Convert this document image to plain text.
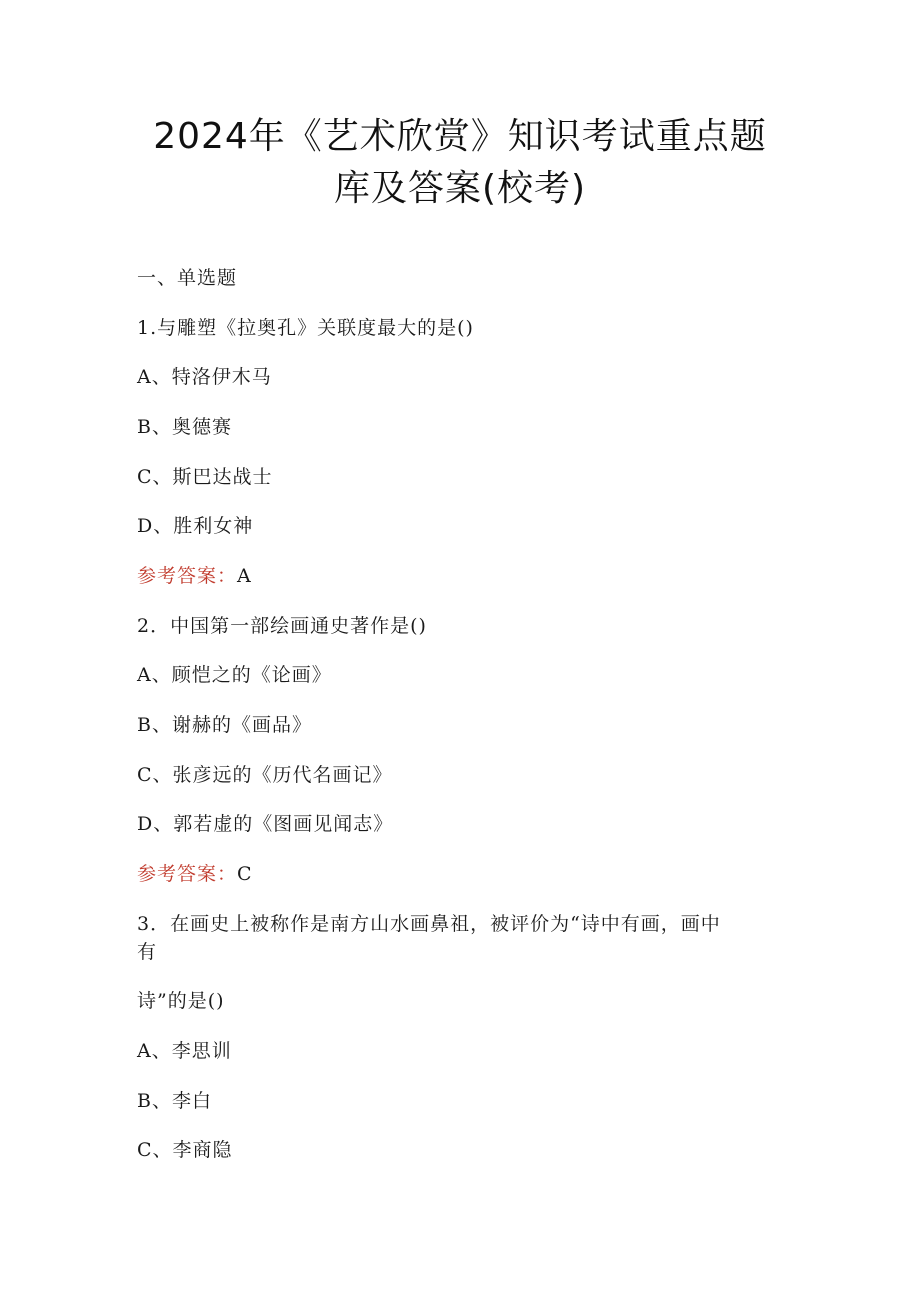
2024年《艺术欣赏》知识考试重点题
库及答案(校考)
一、单选题
1.与雕塑《拉奥孔》关联度最大的是()
A、特洛伊木马
B、奥德赛
C、斯巴达战士
D、胜利女神
参考答案：A
2．中国第一部绘画通史著作是()
A、顾恺之的《论画》
B、谢赫的《画品》
C、张彦远的《历代名画记》
D、郭若虚的《图画见闻志》
参考答案：C
3．在画史上被称作是南方山水画鼻祖，被评价为“诗中有画，画中
有
诗”的是()
A、李思训
B、李白
C、李商隐
